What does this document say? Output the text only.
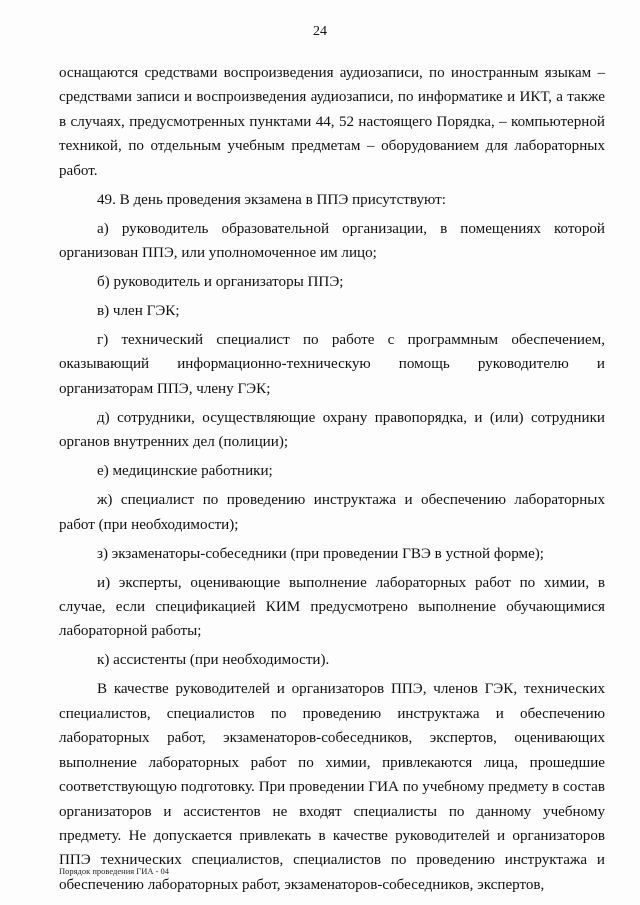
24

оснащаются средствами воспроизведения аудиозаписи, по иностранным языкам – средствами записи и воспроизведения аудиозаписи, по информатике и ИКТ, а также в случаях, предусмотренных пунктами 44, 52 настоящего Порядка, – компьютерной техникой, по отдельным учебным предметам – оборудованием для лабораторных работ.

49. В день проведения экзамена в ППЭ присутствуют:

а) руководитель образовательной организации, в помещениях которой организован ППЭ, или уполномоченное им лицо;

б) руководитель и организаторы ППЭ;

в) член ГЭК;

г) технический специалист по работе с программным обеспечением, оказывающий информационно-техническую помощь руководителю и организаторам ППЭ, члену ГЭК;

д) сотрудники, осуществляющие охрану правопорядка, и (или) сотрудники органов внутренних дел (полиции);

е) медицинские работники;

ж) специалист по проведению инструктажа и обеспечению лабораторных работ (при необходимости);

з) экзаменаторы-собеседники (при проведении ГВЭ в устной форме);

и) эксперты, оценивающие выполнение лабораторных работ по химии, в случае, если спецификацией КИМ предусмотрено выполнение обучающимися лабораторной работы;

к) ассистенты (при необходимости).

В качестве руководителей и организаторов ППЭ, членов ГЭК, технических специалистов, специалистов по проведению инструктажа и обеспечению лабораторных работ, экзаменаторов-собеседников, экспертов, оценивающих выполнение лабораторных работ по химии, привлекаются лица, прошедшие соответствующую подготовку. При проведении ГИА по учебному предмету в состав организаторов и ассистентов не входят специалисты по данному учебному предмету. Не допускается привлекать в качестве руководителей и организаторов ППЭ технических специалистов, специалистов по проведению инструктажа и обеспечению лабораторных работ, экзаменаторов-собеседников, экспертов,

Порядок проведения ГИА - 04
